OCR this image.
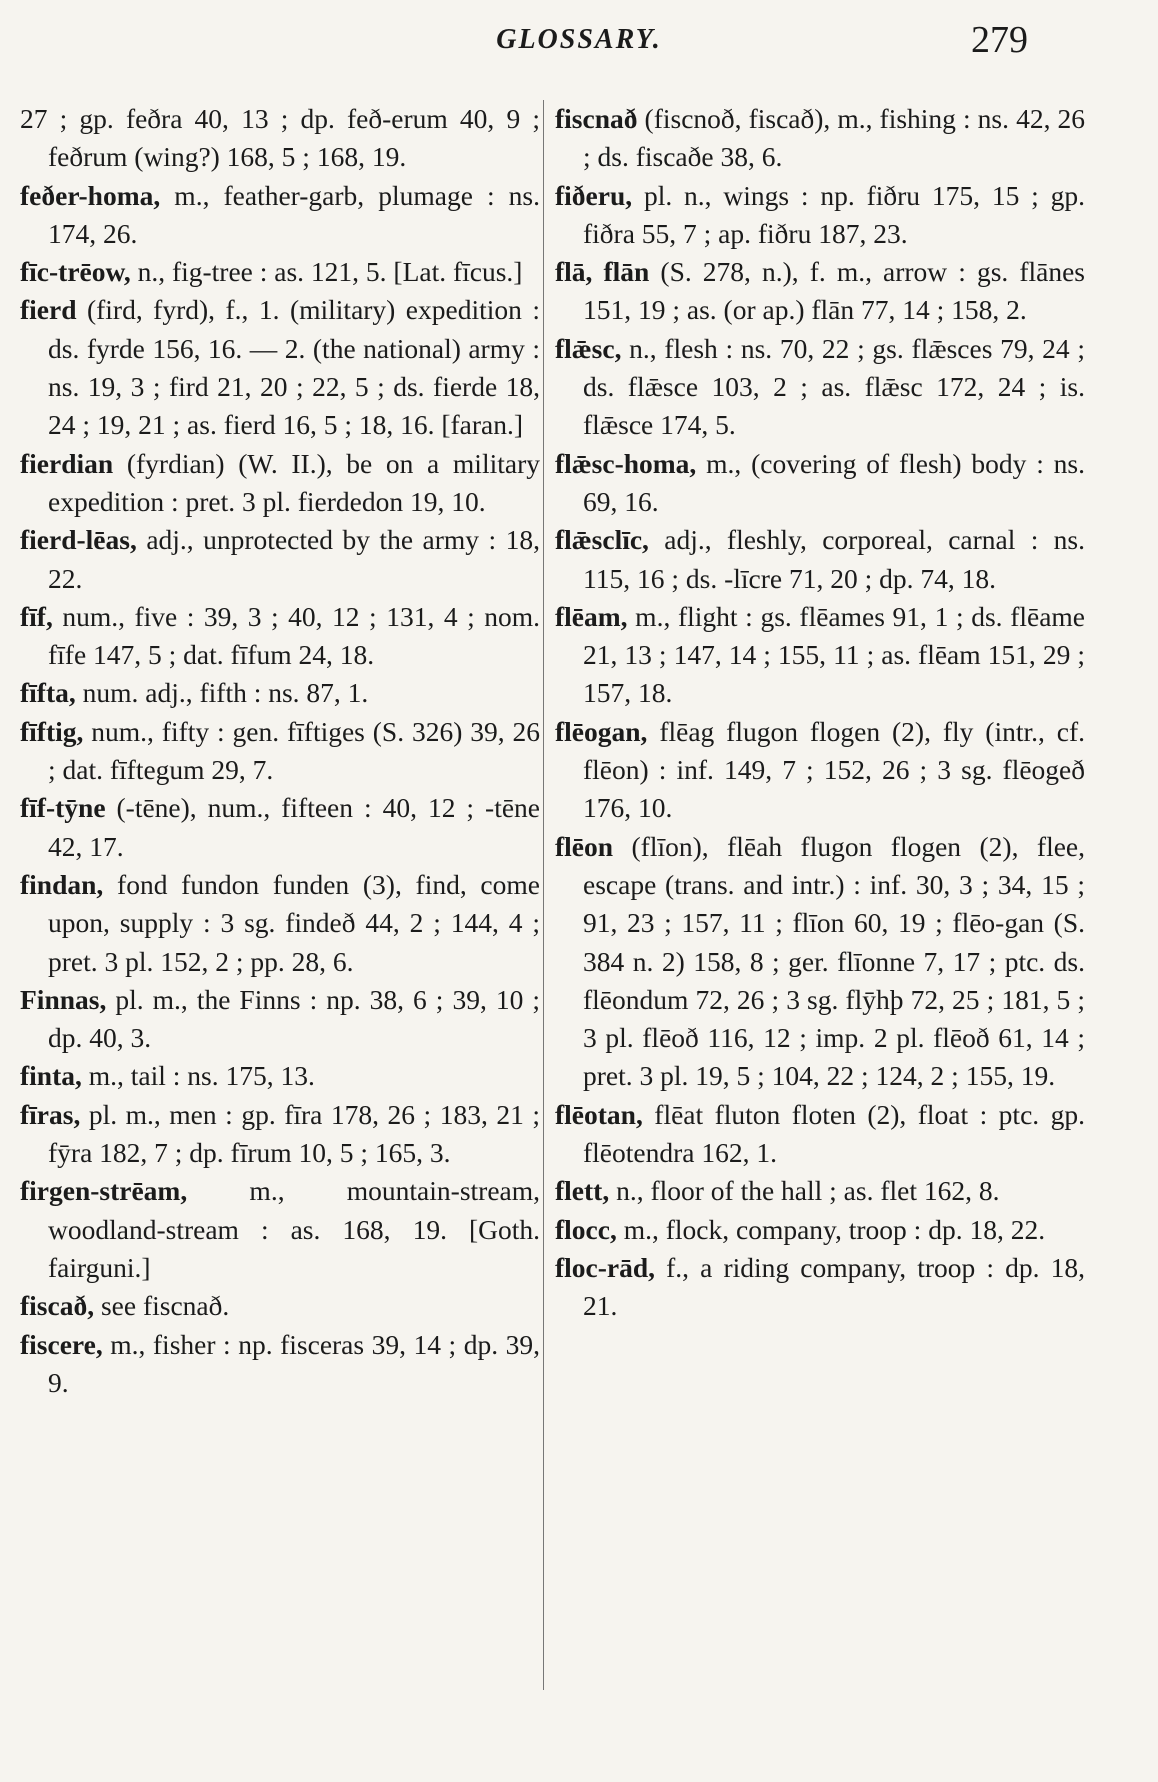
GLOSSARY.	279
27 ; gp. feðra 40, 13 ; dp. feð-erum 40, 9 ; feðrum (wing?) 168, 5 ; 168, 19.
feðer-homa, m., feather-garb, plumage : ns. 174, 26.
fīc-trēow, n., fig-tree : as. 121, 5. [Lat. fīcus.]
fierd (fird, fyrd), f., 1. (military) expedition : ds. fyrde 156, 16. — 2. (the national) army : ns. 19, 3 ; fird 21, 20 ; 22, 5 ; ds. fierde 18, 24 ; 19, 21 ; as. fierd 16, 5 ; 18, 16. [faran.]
fierdian (fyrdian) (W. II.), be on a military expedition : pret. 3 pl. fierdedon 19, 10.
fierd-lēas, adj., unprotected by the army : 18, 22.
fīf, num., five : 39, 3 ; 40, 12 ; 131, 4 ; nom. fīfe 147, 5 ; dat. fīfum 24, 18.
fīfta, num. adj., fifth : ns. 87, 1.
fīftig, num., fifty : gen. fīftiges (S. 326) 39, 26 ; dat. fīftegum 29, 7.
fīf-tȳne (-tēne), num., fifteen : 40, 12 ; -tēne 42, 17.
findan, fond fundon funden (3), find, come upon, supply : 3 sg. findeð 44, 2 ; 144, 4 ; pret. 3 pl. 152, 2 ; pp. 28, 6.
Finnas, pl. m., the Finns : np. 38, 6 ; 39, 10 ; dp. 40, 3.
finta, m., tail : ns. 175, 13.
fīras, pl. m., men : gp. fīra 178, 26 ; 183, 21 ; fȳra 182, 7 ; dp. fīrum 10, 5 ; 165, 3.
firgen-strēam, m., mountain-stream, woodland-stream : as. 168, 19. [Goth. fairguni.]
fiscað, see fiscnað.
fiscere, m., fisher : np. fisceras 39, 14 ; dp. 39, 9.
fiscnað (fiscnoð, fiscað), m., fishing : ns. 42, 26 ; ds. fiscaðe 38, 6.
fiðeru, pl. n., wings : np. fiðru 175, 15 ; gp. fiðra 55, 7 ; ap. fiðru 187, 23.
flā, flān (S. 278, n.), f. m., arrow : gs. flānes 151, 19 ; as. (or ap.) flān 77, 14 ; 158, 2.
flǣsc, n., flesh : ns. 70, 22 ; gs. flǣsces 79, 24 ; ds. flǣsce 103, 2 ; as. flǣsc 172, 24 ; is. flǣsce 174, 5.
flǣsc-homa, m., (covering of flesh) body : ns. 69, 16.
flǣsclīc, adj., fleshly, corporeal, carnal : ns. 115, 16 ; ds. -līcre 71, 20 ; dp. 74, 18.
flēam, m., flight : gs. flēames 91, 1 ; ds. flēame 21, 13 ; 147, 14 ; 155, 11 ; as. flēam 151, 29 ; 157, 18.
flēogan, flēag flugon flogen (2), fly (intr., cf. flēon) : inf. 149, 7 ; 152, 26 ; 3 sg. flēogeð 176, 10.
flēon (flīon), flēah flugon flogen (2), flee, escape (trans. and intr.) : inf. 30, 3 ; 34, 15 ; 91, 23 ; 157, 11 ; flīon 60, 19 ; flēo-gan (S. 384 n. 2) 158, 8 ; ger. flīonne 7, 17 ; ptc. ds. flēondum 72, 26 ; 3 sg. flȳhþ 72, 25 ; 181, 5 ; 3 pl. flēoð 116, 12 ; imp. 2 pl. flēoð 61, 14 ; pret. 3 pl. 19, 5 ; 104, 22 ; 124, 2 ; 155, 19.
flēotan, flēat fluton floten (2), float : ptc. gp. flēotendra 162, 1.
flett, n., floor of the hall ; as. flet 162, 8.
flocc, m., flock, company, troop : dp. 18, 22.
floc-rād, f., a riding company, troop : dp. 18, 21.
